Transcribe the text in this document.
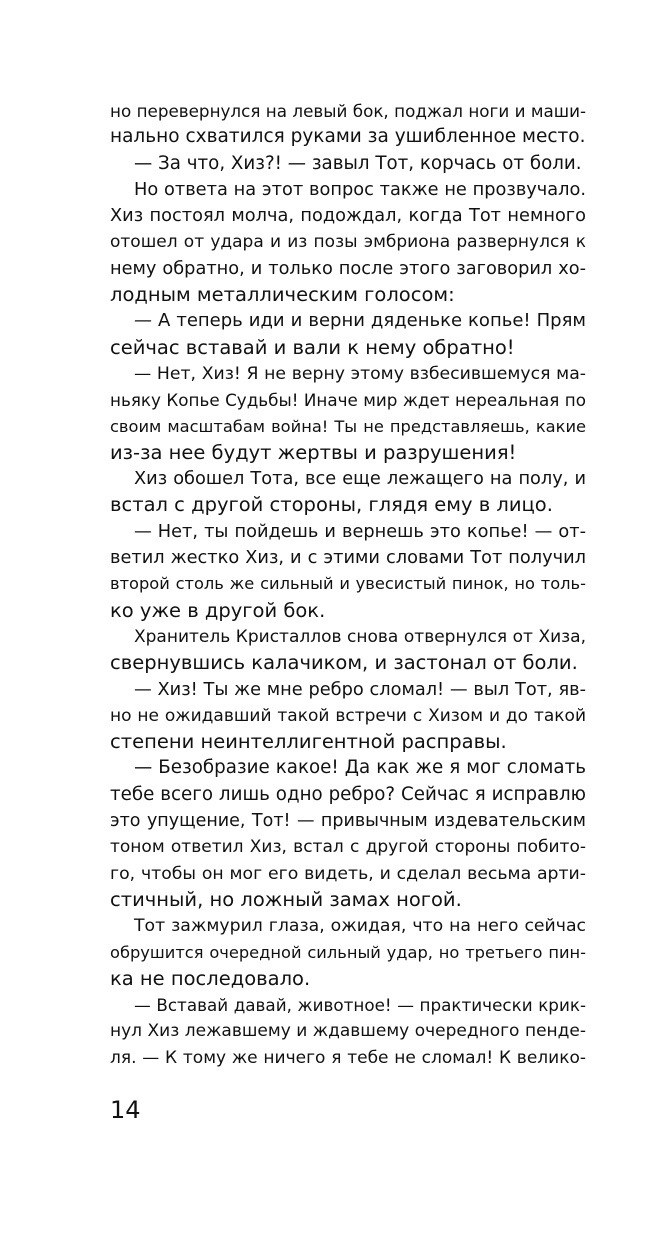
но перевернулся на левый бок, поджал ноги и маши-
нально схватился руками за ушибленное место.
— За что, Хиз?! — завыл Тот, корчась от боли.
Но ответа на этот вопрос также не прозвучало.
Хиз постоял молча, подождал, когда Тот немного
отошел от удара и из позы эмбриона развернулся к
нему обратно, и только после этого заговорил хо-
лодным металлическим голосом:
— А теперь иди и верни дяденьке копье! Прям
сейчас вставай и вали к нему обратно!
— Нет, Хиз! Я не верну этому взбесившемуся ма-
ньяку Копье Судьбы! Иначе мир ждет нереальная по
своим масштабам война! Ты не представляешь, какие
из-за нее будут жертвы и разрушения!
Хиз обошел Тота, все еще лежащего на полу, и
встал с другой стороны, глядя ему в лицо.
— Нет, ты пойдешь и вернешь это копье! — от-
ветил жестко Хиз, и с этими словами Тот получил
второй столь же сильный и увесистый пинок, но толь-
ко уже в другой бок.
Хранитель Кристаллов снова отвернулся от Хиза,
свернувшись калачиком, и застонал от боли.
— Хиз! Ты же мне ребро сломал! — выл Тот, яв-
но не ожидавший такой встречи с Хизом и до такой
степени неинтеллигентной расправы.
— Безобразие какое! Да как же я мог сломать
тебе всего лишь одно ребро? Сейчас я исправлю
это упущение, Тот! — привычным издевательским
тоном ответил Хиз, встал с другой стороны побито-
го, чтобы он мог его видеть, и сделал весьма арти-
стичный, но ложный замах ногой.
Тот зажмурил глаза, ожидая, что на него сейчас
обрушится очередной сильный удар, но третьего пин-
ка не последовало.
— Вставай давай, животное! — практически крик-
нул Хиз лежавшему и ждавшему очередного пенде-
ля. — К тому же ничего я тебе не сломал! К велико-
14
